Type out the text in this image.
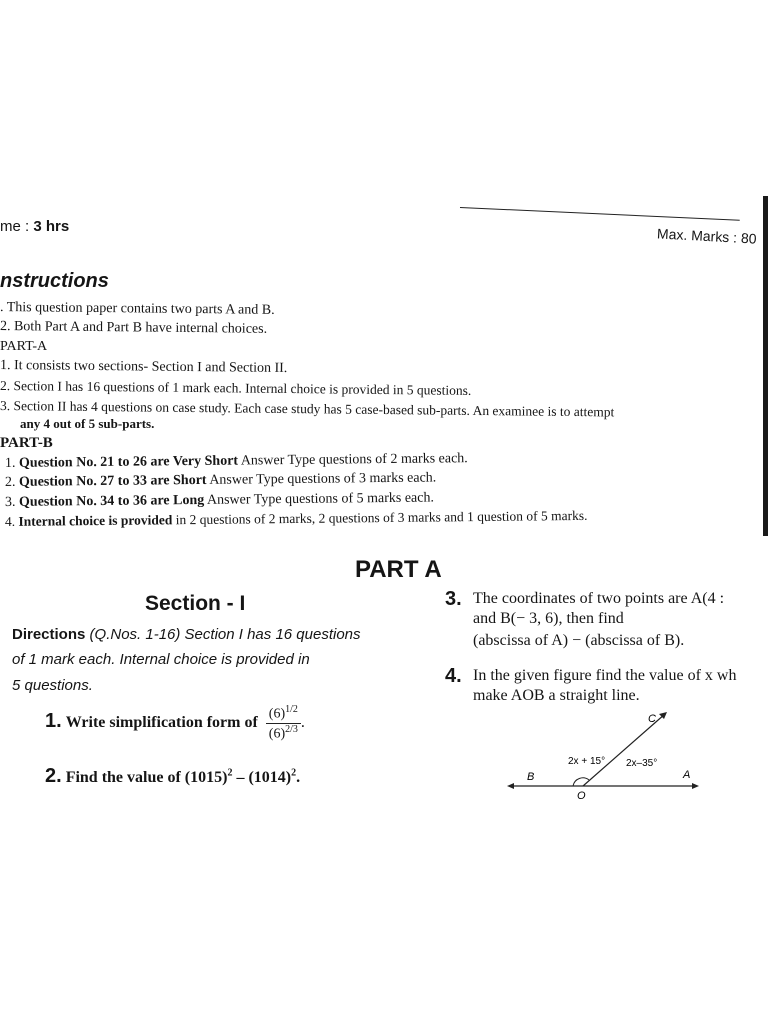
me : 3 hrs	Max. Marks : 80
nstructions
. This question paper contains two parts A and B.
2. Both Part A and Part B have internal choices.
PART-A
1. It consists two sections- Section I and Section II.
2. Section I has 16 questions of 1 mark each. Internal choice is provided in 5 questions.
3. Section II has 4 questions on case study. Each case study has 5 case-based sub-parts. An examinee is to attempt
any 4 out of 5 sub-parts.
PART-B
1. Question No. 21 to 26 are Very Short Answer Type questions of 2 marks each.
2. Question No. 27 to 33 are Short Answer Type questions of 3 marks each.
3. Question No. 34 to 36 are Long Answer Type questions of 5 marks each.
4. Internal choice is provided in 2 questions of 2 marks, 2 questions of 3 marks and 1 question of 5 marks.
PART A
Section - I
Directions (Q.Nos. 1-16) Section I has 16 questions
of 1 mark each. Internal choice is provided in
5 questions.
1. Write simplification form of $\frac{(6)^{1/2}}{(6)^{2/3}}$ .
2. Find the value of $(1015)^2 - (1014)^2$.
3. The coordinates of two points are A(4 :
and B(− 3, 6), then find
(abscissa of A) − (abscissa of B).
4. In the given figure find the value of x wh
make AOB a straight line.
C
B	A
O
2x + 15° 2x–35°
